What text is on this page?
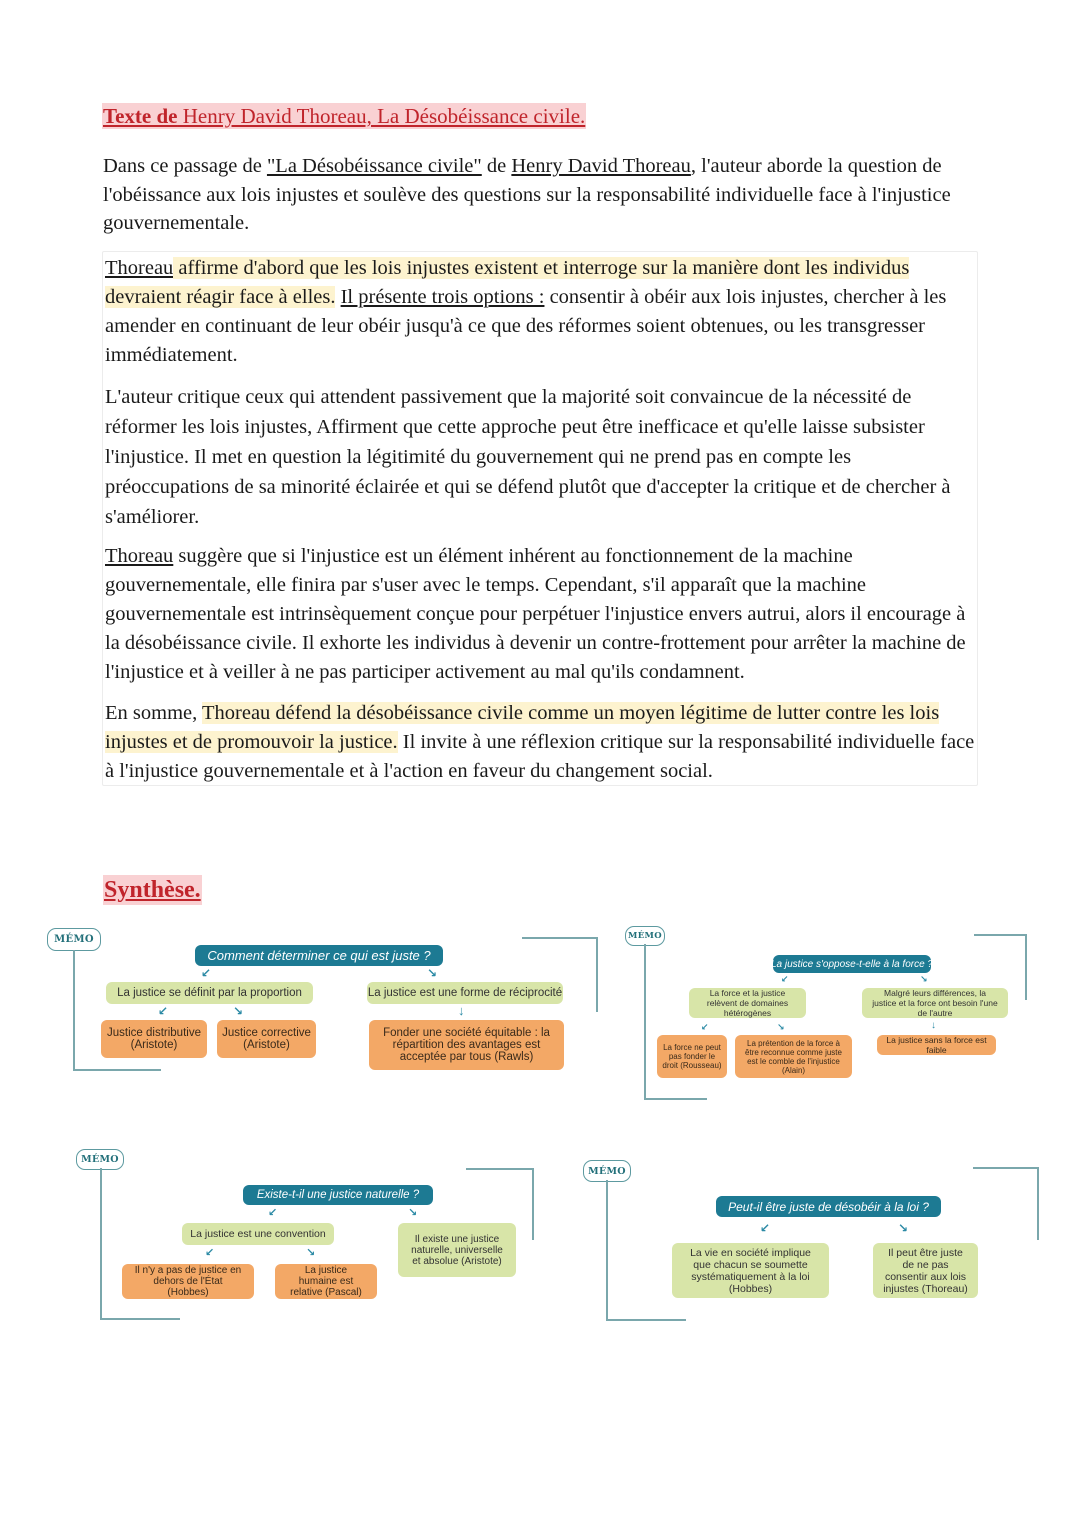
Texte de Henry David Thoreau, La Désobéissance civile.
Dans ce passage de "La Désobéissance civile" de Henry David Thoreau, l'auteur aborde la question de l'obéissance aux lois injustes et soulève des questions sur la responsabilité individuelle face à l'injustice gouvernementale.
Thoreau affirme d'abord que les lois injustes existent et interroge sur la manière dont les individus devraient réagir face à elles. Il présente trois options : consentir à obéir aux lois injustes, chercher à les amender en continuant de leur obéir jusqu'à ce que des réformes soient obtenues, ou les transgresser immédiatement.
L'auteur critique ceux qui attendent passivement que la majorité soit convaincue de la nécessité de réformer les lois injustes, Affirment que cette approche peut être inefficace et qu'elle laisse subsister l'injustice. Il met en question la légitimité du gouvernement qui ne prend pas en compte les préoccupations de sa minorité éclairée et qui se défend plutôt que d'accepter la critique et de chercher à s'améliorer.
Thoreau suggère que si l'injustice est un élément inhérent au fonctionnement de la machine gouvernementale, elle finira par s'user avec le temps. Cependant, s'il apparaît que la machine gouvernementale est intrinsèquement conçue pour perpétuer l'injustice envers autrui, alors il encourage à la désobéissance civile. Il exhorte les individus à devenir un contre-frottement pour arrêter la machine de l'injustice et à veiller à ne pas participer activement au mal qu'ils condamnent.
En somme, Thoreau défend la désobéissance civile comme un moyen légitime de lutter contre les lois injustes et de promouvoir la justice. Il invite à une réflexion critique sur la responsabilité individuelle face à l'injustice gouvernementale et à l'action en faveur du changement social.
Synthèse.
MÉMO
Comment déterminer ce qui est juste ?
↙	↘
La justice se définit par la proportion	La justice est une forme de réciprocité
↙	↘	↓
Justice distributive (Aristote)
Justice corrective (Aristote)
Fonder une société équitable : la répartition des avantages est acceptée par tous (Rawls)
MÉMO
La justice s'oppose-t-elle à la force ?
↙	↘
La force et la justice relèvent de domaines hétérogènes
Malgré leurs différences, la justice et la force ont besoin l'une de l'autre
↙	↘	↓
La force ne peut pas fonder le droit (Rousseau)
La prétention de la force à être reconnue comme juste est le comble de l'injustice (Alain)
La justice sans la force est faible
MÉMO
Existe-t-il une justice naturelle ?
↙	↘
La justice est une convention	Il existe une justice naturelle, universelle et absolue (Aristote)
↙	↘
Il n'y a pas de justice en dehors de l'État (Hobbes)
La justice humaine est relative (Pascal)
MÉMO
Peut-il être juste de désobéir à la loi ?
↙	↘
La vie en société implique que chacun se soumette systématiquement à la loi (Hobbes)
Il peut être juste de ne pas consentir aux lois injustes (Thoreau)
